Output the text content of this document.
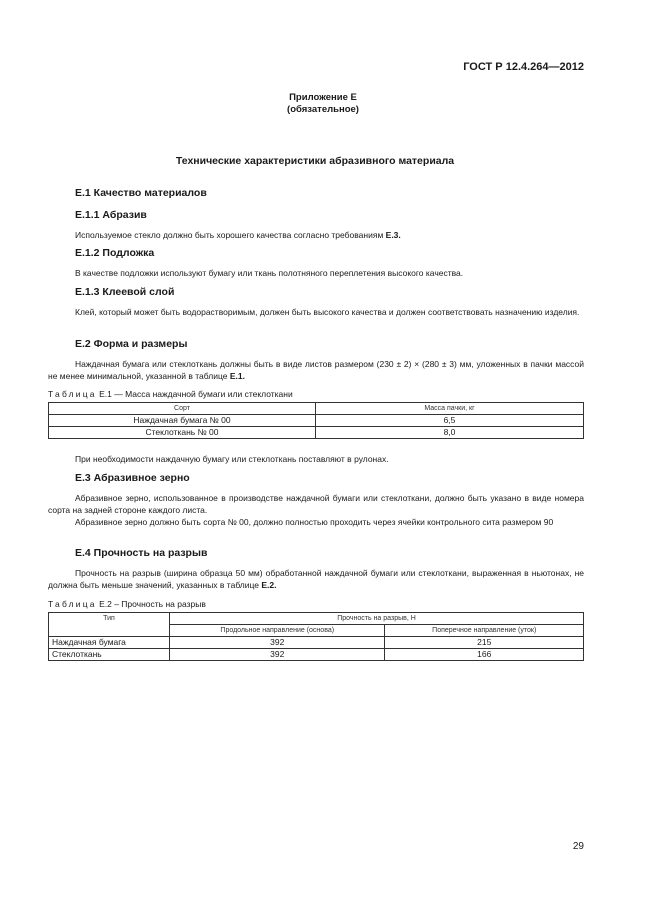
ГОСТ Р 12.4.264—2012
Приложение Е
(обязательное)
Технические характеристики абразивного материала
Е.1 Качество материалов
Е.1.1 Абразив
Используемое стекло должно быть хорошего качества согласно требованиям Е.3.
Е.1.2 Подложка
В качестве подложки используют бумагу или ткань полотняного переплетения высокого качества.
Е.1.3 Клеевой слой
Клей, который может быть водорастворимым, должен быть высокого качества и должен соответствовать назначению изделия.
Е.2 Форма и размеры
Наждачная бумага или стеклоткань должны быть в виде листов размером (230 ± 2) × (280 ± 3) мм, уложенных в пачки массой не менее минимальной, указанной в таблице Е.1.
Таблица Е.1 — Масса наждачной бумаги или стеклоткани
Сорт	Масса пачки, кг
Наждачная бумага № 00	6,5
Стеклоткань № 00	8,0
При необходимости наждачную бумагу или стеклоткань поставляют в рулонах.
Е.3 Абразивное зерно
Абразивное зерно, использованное в производстве наждачной бумаги или стеклоткани, должно быть указано в виде номера сорта на задней стороне каждого листа.
Абразивное зерно должно быть сорта № 00, должно полностью проходить через ячейки контрольного сита размером 90
Е.4 Прочность на разрыв
Прочность на разрыв (ширина образца 50 мм) обработанной наждачной бумаги или стеклоткани, выраженная в ньютонах, не должна быть меньше значений, указанных в таблице Е.2.
Таблица Е.2 – Прочность на разрыв
Тип	Прочность на разрыв, Н	
	Продольное направление (основа)	Поперечное направление (уток)
Наждачная бумага	392	215
Стеклоткань	392	166
29
